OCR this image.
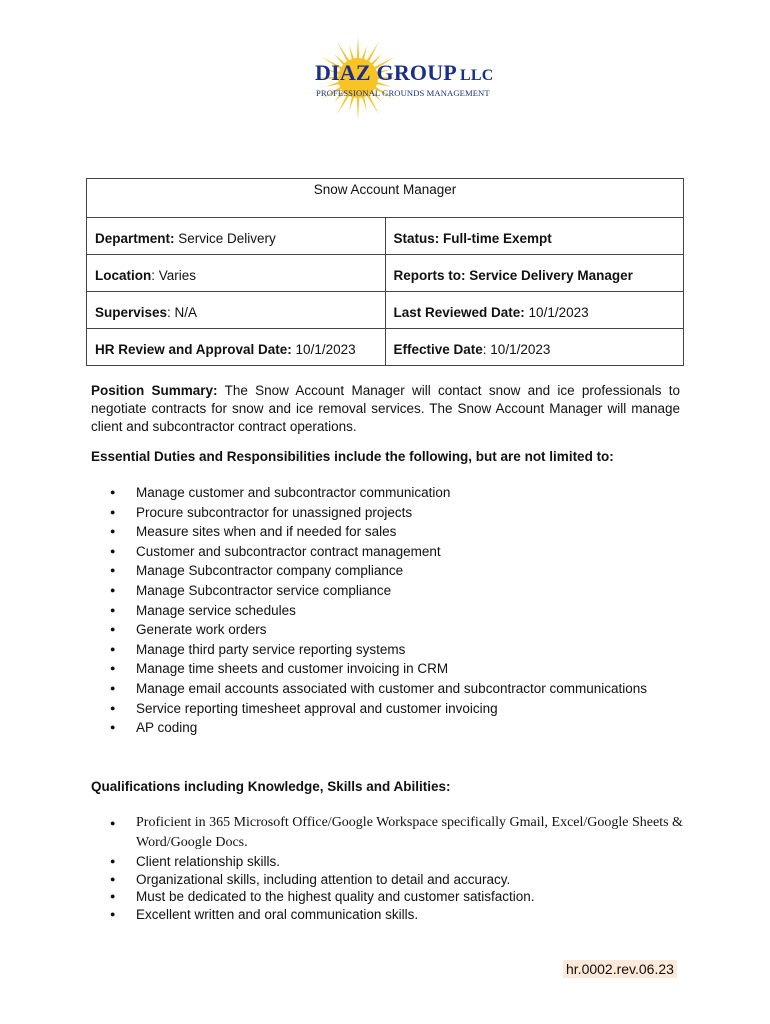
DIAZ GROUP LLC
PROFESSIONAL GROUNDS MANAGEMENT
Snow Account Manager	
Department: Service Delivery	Status: Full-time Exempt
Location: Varies	Reports to: Service Delivery Manager
Supervises: N/A	Last Reviewed Date: 10/1/2023
HR Review and Approval Date: 10/1/2023	Effective Date: 10/1/2023
Position Summary: The Snow Account Manager will contact snow and ice professionals to negotiate contracts for snow and ice removal services. The Snow Account Manager will manage client and subcontractor contract operations.
Essential Duties and Responsibilities include the following, but are not limited to:
● Manage customer and subcontractor communication
● Procure subcontractor for unassigned projects
● Measure sites when and if needed for sales
● Customer and subcontractor contract management
● Manage Subcontractor company compliance
● Manage Subcontractor service compliance
● Manage service schedules
● Generate work orders
● Manage third party service reporting systems
● Manage time sheets and customer invoicing in CRM
● Manage email accounts associated with customer and subcontractor communications
● Service reporting timesheet approval and customer invoicing
● AP coding
Qualifications including Knowledge, Skills and Abilities:
● Proficient in 365 Microsoft Office/Google Workspace specifically Gmail, Excel/Google Sheets & Word/Google Docs.
● Client relationship skills.
● Organizational skills, including attention to detail and accuracy.
● Must be dedicated to the highest quality and customer satisfaction.
● Excellent written and oral communication skills.
hr.0002.rev.06.23
